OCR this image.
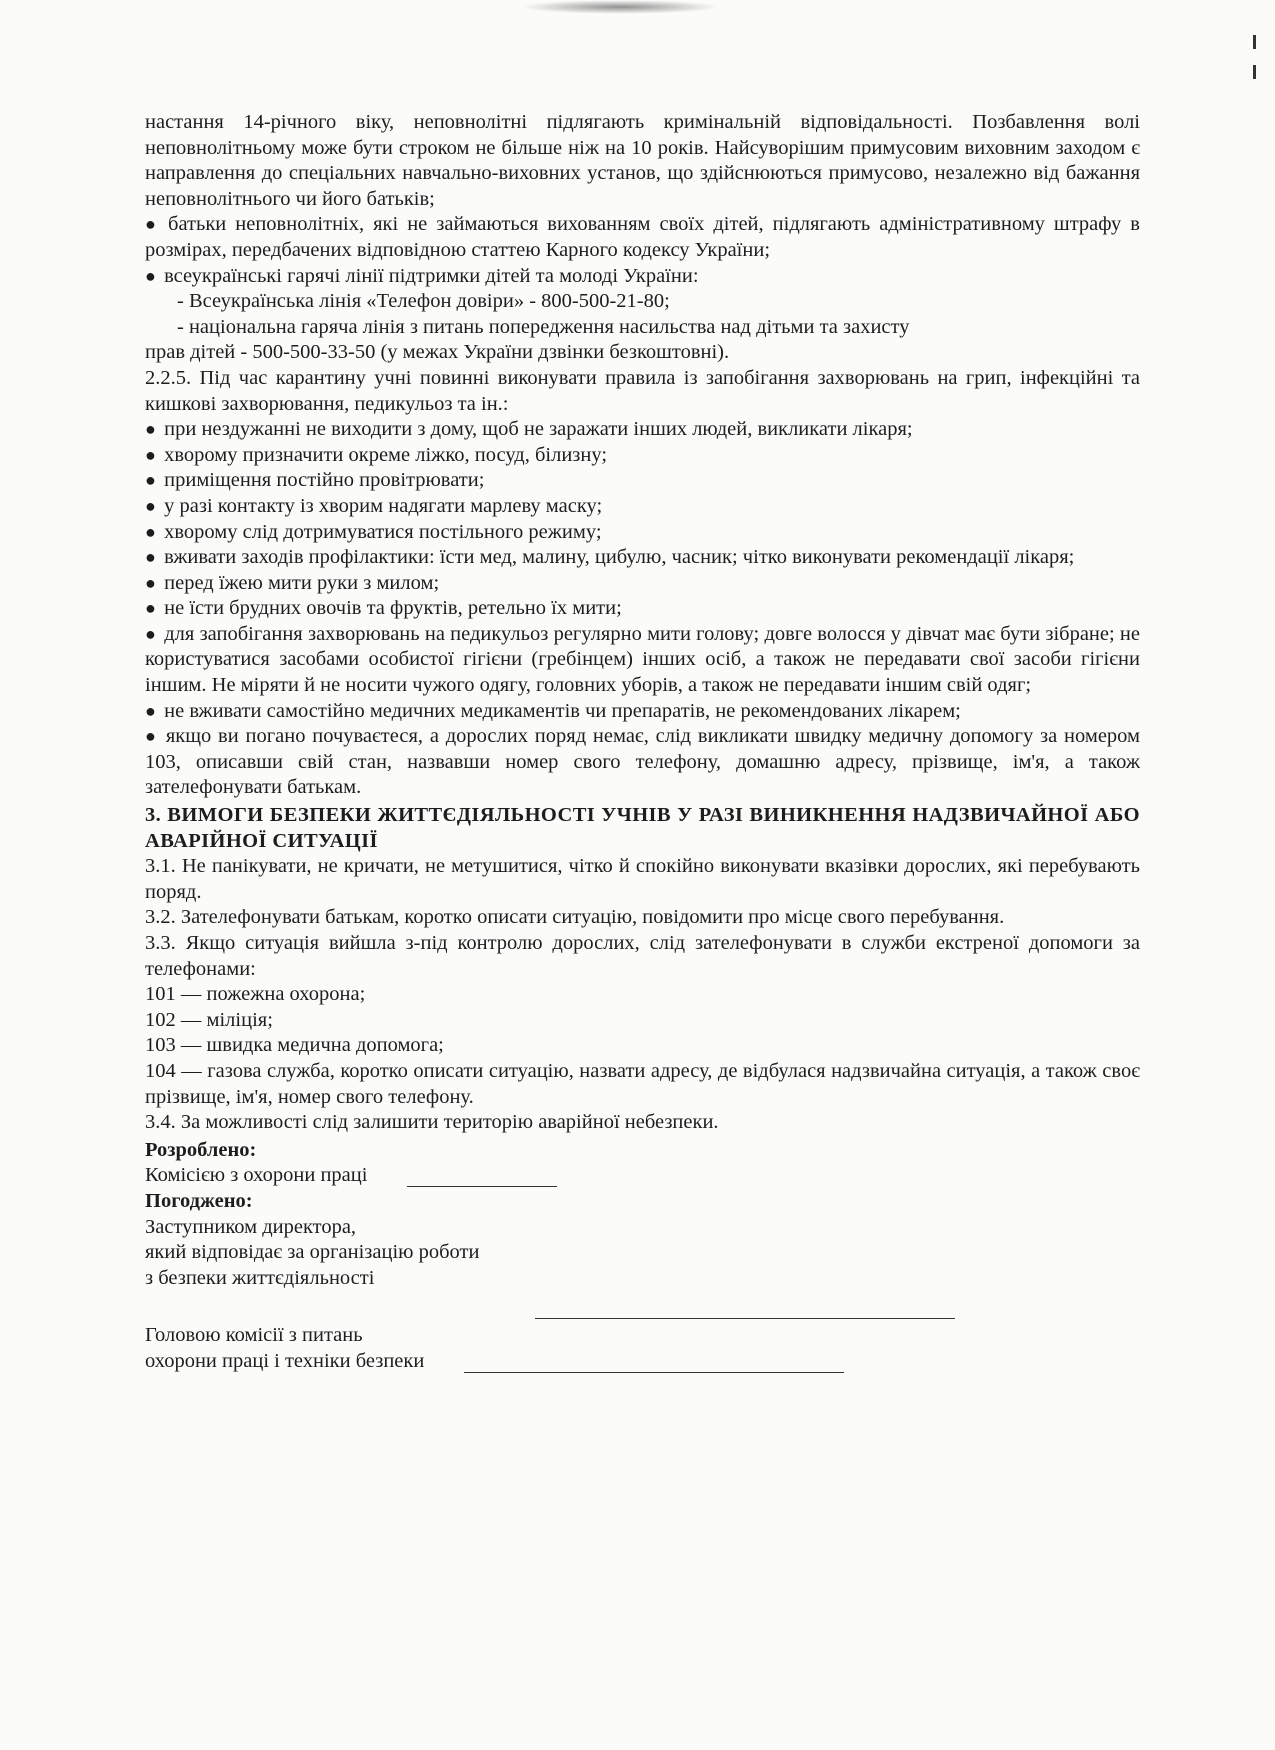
настання 14-річного віку, неповнолітні підлягають кримінальній відповідальності. Позбавлення волі неповнолітньому може бути строком не більше ніж на 10 років. Найсуворішим примусовим виховним заходом є направлення до спеціальних навчально-виховних установ, що здійснюються примусово, незалежно від бажання неповнолітнього чи його батьків;

● батьки неповнолітніх, які не займаються вихованням своїх дітей, підлягають адміністративному штрафу в розмірах, передбачених відповідною статтею Карного кодексу України;

● всеукраїнські гарячі лінії підтримки дітей та молоді України:

- Всеукраїнська лінія «Телефон довіри» - 800-500-21-80;

- національна гаряча лінія з питань попередження насильства над дітьми та захисту

прав дітей - 500-500-33-50 (у межах України дзвінки безкоштовні).

2.2.5. Під час карантину учні повинні виконувати правила із запобігання захворювань на грип, інфекційні та кишкові захворювання, педикульоз та ін.:

● при нездужанні не виходити з дому, щоб не заражати інших людей, викликати лікаря;

● хворому призначити окреме ліжко, посуд, білизну;

● приміщення постійно провітрювати;

● у разі контакту із хворим надягати марлеву маску;

● хворому слід дотримуватися постільного режиму;

● вживати заходів профілактики: їсти мед, малину, цибулю, часник; чітко виконувати рекомендації лікаря;

● перед їжею мити руки з милом;

● не їсти брудних овочів та фруктів, ретельно їх мити;

● для запобігання захворювань на педикульоз регулярно мити голову; довге волосся у дівчат має бути зібране; не користуватися засобами особистої гігієни (гребінцем) інших осіб, а також не передавати свої засоби гігієни іншим. Не міряти й не носити чужого одягу, головних уборів, а також не передавати іншим свій одяг;

● не вживати самостійно медичних медикаментів чи препаратів, не рекомендованих лікарем;

● якщо ви погано почуваєтеся, а дорослих поряд немає, слід викликати швидку медичну допомогу за номером 103, описавши свій стан, назвавши номер свого телефону, домашню адресу, прізвище, ім'я, а також зателефонувати батькам.

3. ВИМОГИ БЕЗПЕКИ ЖИТТЄДІЯЛЬНОСТІ УЧНІВ У РАЗІ ВИНИКНЕННЯ НАДЗВИЧАЙНОЇ АБО АВАРІЙНОЇ СИТУАЦІЇ

3.1. Не панікувати, не кричати, не метушитися, чітко й спокійно виконувати вказівки дорослих, які перебувають поряд.

3.2. Зателефонувати батькам, коротко описати ситуацію, повідомити про місце свого перебування.

3.3. Якщо ситуація вийшла з-під контролю дорослих, слід зателефонувати в служби екстреної допомоги за телефонами:

101 — пожежна охорона;

102 — міліція;

103 — швидка медична допомога;

104 — газова служба, коротко описати ситуацію, назвати адресу, де відбулася надзвичайна ситуація, а також своє прізвище, ім'я, номер свого телефону.

3.4. За можливості слід залишити територію аварійної небезпеки.

Розроблено:

Комісією з охорони праці

Погоджено:

Заступником директора,

який відповідає за організацію роботи

з безпеки життєдіяльності

Головою комісії з питань

охорони праці і техніки безпеки
